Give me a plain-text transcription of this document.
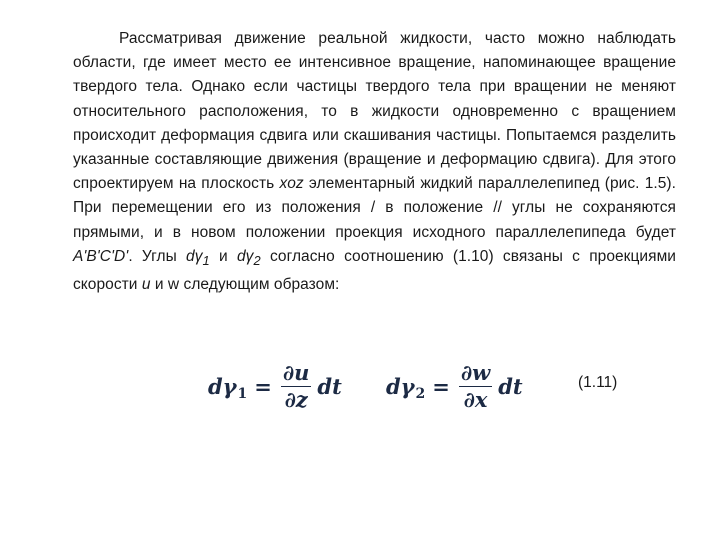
Рассматривая движение реальной жидкости, часто можно наблюдать области, где имеет место ее интенсивное вращение, напоминающее вращение твердого тела. Однако если частицы твердого тела при вращении не меняют относительного расположения, то в жидкости одновременно с вращением происходит деформация сдвига или скашивания частицы. Попытаемся разделить указанные составляющие движения (вращение и деформацию сдвига). Для этого спроектируем на плоскость xoz элементарный жидкий параллелепипед (рис. 1.5). При перемещении его из положения / в положение // углы не сохраняются прямыми, и в новом положении проекция исходного параллелепипеда будет A'B'C'D'. Углы $d\gamma_1$ и $d\gamma_2$ согласно соотношению (1.10) связаны с проекциями скорости u и w следующим образом:

dγ $1 = \frac{\partial u}{\partial z}$ dt dγ $2 = \frac{\partial w}{\partial x}$ dt	(1.11)
